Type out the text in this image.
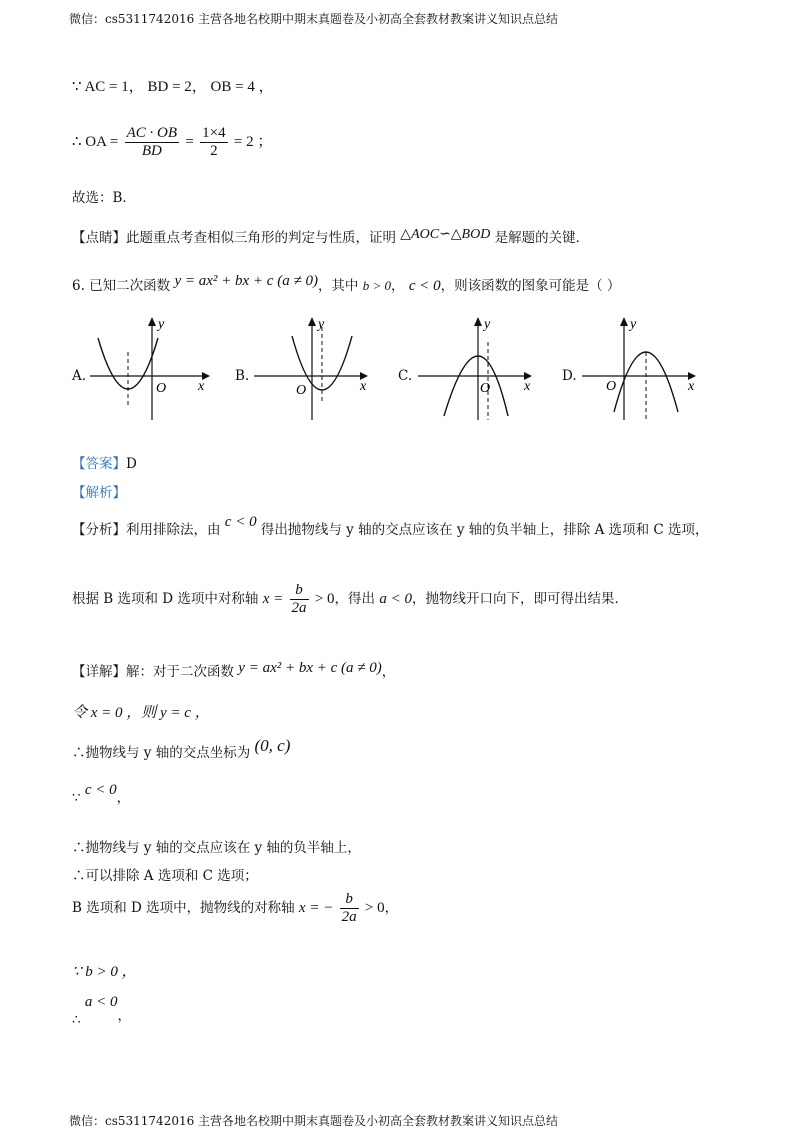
微信：cs5311742016 主营各地名校期中期末真题卷及小初高全套教材教案讲义知识点总结
∵ AC = 1， BD = 2， OB = 4 ，
∴ OA = $\frac{AC \cdot OB}{BD} = \frac{1\times 4}{2} = 2$ ；
故选：B．
【点睛】此题重点考查相似三角形的判定与性质，证明 △AOC∽△BOD 是解题的关键．
6. 已知二次函数 y = ax² + bx + c (a ≠ 0)，其中 b > 0， c < 0，则该函数的图象可能是（ ）
A.
O x
y
B.
O	x
y
C.
O x
y
D.
O	x
y
【答案】D
【解析】
【分析】利用排除法，由 c < 0 得出抛物线与 y 轴的交点应该在 y 轴的负半轴上，排除 A 选项和 C 选项，
根据 B 选项和 D 选项中对称轴 $x = \frac{b}{2a} > 0$，得出 a < 0，抛物线开口向下，即可得出结果．
【详解】解：对于二次函数 y = ax² + bx + c (a ≠ 0)，
令 x = 0 ，则 y = c ，
∴抛物线与 y 轴的交点坐标为 (0, c)
∵ c < 0，
∴抛物线与 y 轴的交点应该在 y 轴的负半轴上，
∴可以排除 A 选项和 C 选项；
B 选项和 D 选项中，抛物线的对称轴 x = − $\frac{b}{2a} > 0$，
∵ b > 0 ，
∴ a < 0，
微信：cs5311742016 主营各地名校期中期末真题卷及小初高全套教材教案讲义知识点总结
